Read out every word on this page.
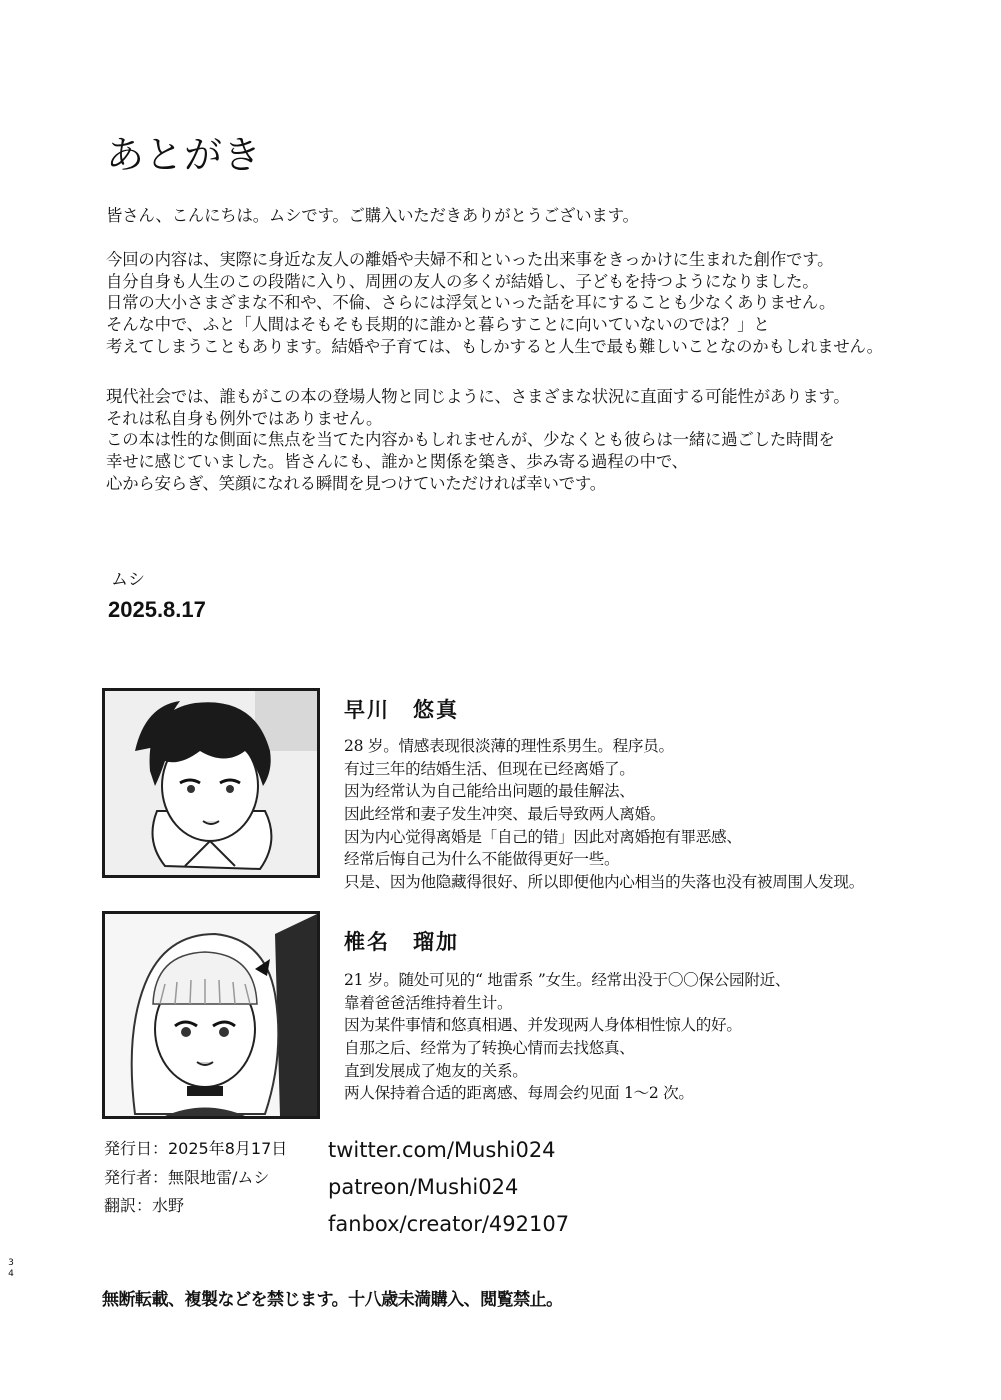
あとがき
皆さん、こんにちは。ムシです。ご購入いただきありがとうございます。
今回の内容は、実際に身近な友人の離婚や夫婦不和といった出来事をきっかけに生まれた創作です。
自分自身も人生のこの段階に入り、周囲の友人の多くが結婚し、子どもを持つようになりました。
日常の大小さまざまな不和や、不倫、さらには浮気といった話を耳にすることも少なくありません。
そんな中で、ふと「人間はそもそも長期的に誰かと暮らすことに向いていないのでは？」と
考えてしまうこともあります。結婚や子育ては、もしかすると人生で最も難しいことなのかもしれません。
現代社会では、誰もがこの本の登場人物と同じように、さまざまな状況に直面する可能性があります。
それは私自身も例外ではありません。
この本は性的な側面に焦点を当てた内容かもしれませんが、少なくとも彼らは一緒に過ごした時間を
幸せに感じていました。皆さんにも、誰かと関係を築き、歩み寄る過程の中で、
心から安らぎ、笑顔になれる瞬間を見つけていただければ幸いです。
ムシ
2025.8.17
早川　悠真
28 岁。情感表现很淡薄的理性系男生。程序员。
有过三年的结婚生活、但现在已经离婚了。
因为经常认为自己能给出问题的最佳解法、
因此经常和妻子发生冲突、最后导致两人离婚。
因为内心觉得离婚是「自己的错」因此对离婚抱有罪恶感、
经常后悔自己为什么不能做得更好一些。
只是、因为他隐藏得很好、所以即便他内心相当的失落也没有被周围人发现。
椎名　瑠加
21 岁。随处可见的“ 地雷系 ”女生。经常出没于〇〇保公园附近、
靠着爸爸活维持着生计。
因为某件事情和悠真相遇、并发现两人身体相性惊人的好。
自那之后、经常为了转换心情而去找悠真、
直到发展成了炮友的关系。
两人保持着合适的距离感、每周会约见面 1〜2 次。
発行日：2025年8月17日
発行者：無限地雷/ムシ
翻訳：水野
twitter.com/Mushi024
patreon/Mushi024
fanbox/creator/492107
3
4
無断転載、複製などを禁じます。十八歳未満購入、閲覧禁止。
